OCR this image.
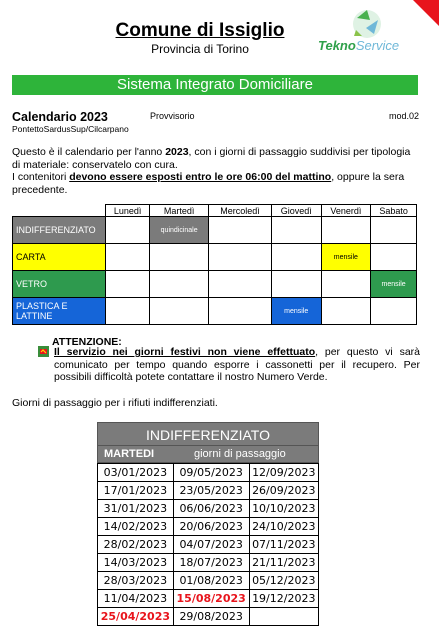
Comune di Issiglio
Provincia di Torino	TeknoService
Sistema Integrato Domiciliare
Calendario 2023	Provvisorio	mod.02
PontettoSardusSup/Cilcarpano
Questo è il calendario per l'anno 2023, con i giorni di passaggio suddivisi per tipologia di materiale: conservatelo con cura.
I contenitori devono essere esposti entro le ore 06:00 del mattino, oppure la sera precedente.
	Lunedì	Martedì	Mercoledì	Giovedì	Venerdì	Sabato
INDIFFERENZIATO		quindicinale				
CARTA					mensile	
VETRO						mensile
PLASTICA E LATTINE				mensile		
ATTENZIONE:
Il servizio nei giorni festivi non viene effettuato, per questo vi sarà comunicato per tempo quando esporre i cassonetti per il recupero. Per possibili difficoltà potete contattare il nostro Numero Verde.
Giorni di passaggio per i rifiuti indifferenziati.
INDIFFERENZIATO
MARTEDI	giorni di passaggio
03/01/2023	09/05/2023	12/09/2023
17/01/2023	23/05/2023	26/09/2023
31/01/2023	06/06/2023	10/10/2023
14/02/2023	20/06/2023	24/10/2023
28/02/2023	04/07/2023	07/11/2023
14/03/2023	18/07/2023	21/11/2023
28/03/2023	01/08/2023	05/12/2023
11/04/2023	15/08/2023	19/12/2023
25/04/2023	29/08/2023	
